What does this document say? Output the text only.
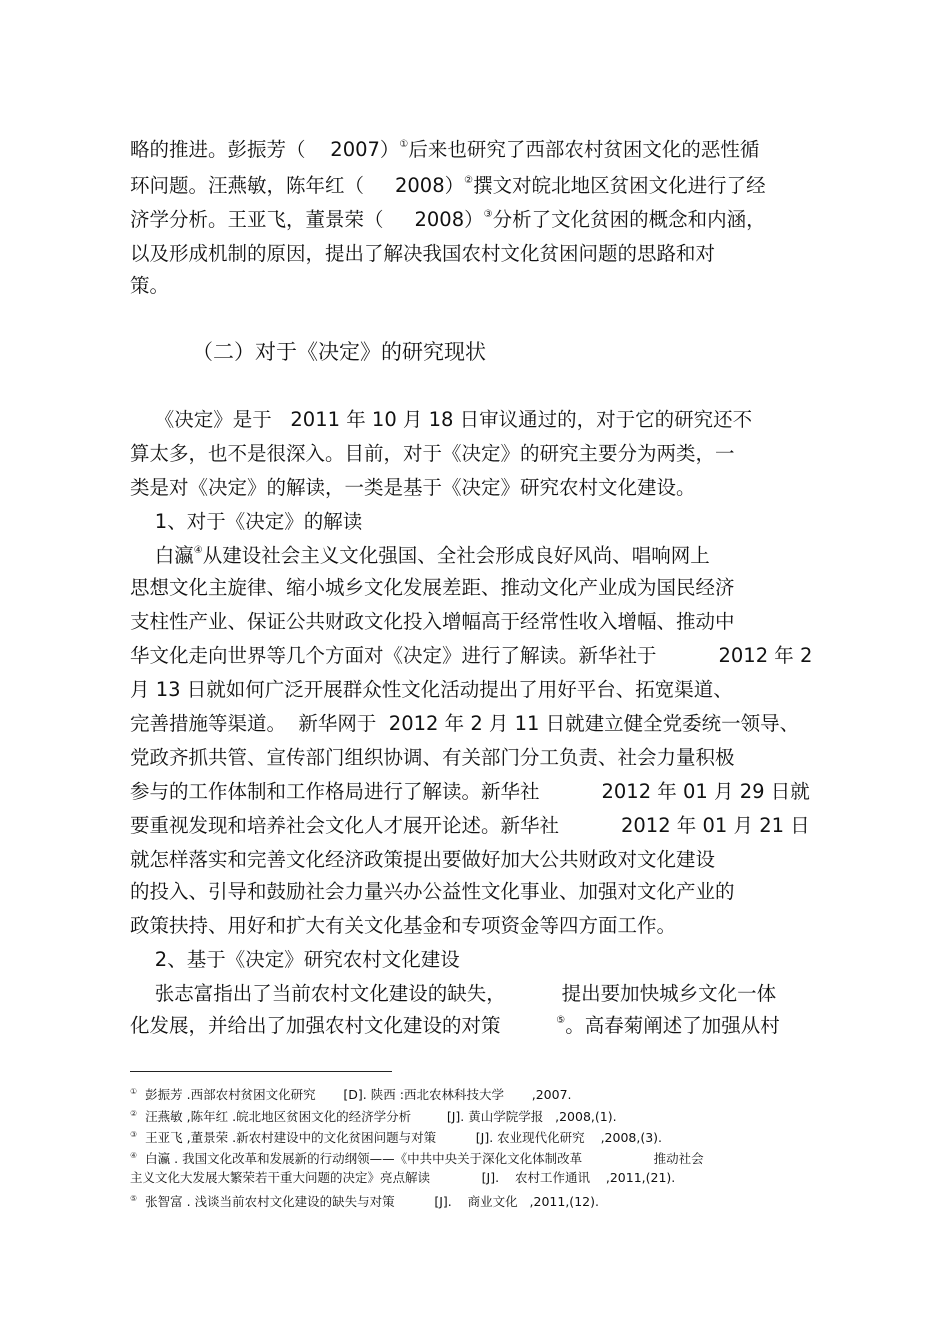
略的推进。彭振芳（    2007）①后来也研究了西部农村贫困文化的恶性循
环问题。汪燕敏，陈年红（     2008）②撰文对皖北地区贫困文化进行了经
济学分析。王亚飞，董景荣（     2008）③分析了文化贫困的概念和内涵，
以及形成机制的原因，提出了解决我国农村文化贫困问题的思路和对
策。
（二）对于《决定》的研究现状
《决定》是于   2011 年 10 月 18 日审议通过的，对于它的研究还不
算太多，也不是很深入。目前，对于《决定》的研究主要分为两类，一
类是对《决定》的解读，一类是基于《决定》研究农村文化建设。
1、对于《决定》的解读
白瀛④从建设社会主义文化强国、全社会形成良好风尚、唱响网上
思想文化主旋律、缩小城乡文化发展差距、推动文化产业成为国民经济
支柱性产业、保证公共财政文化投入增幅高于经常性收入增幅、推动中
华文化走向世界等几个方面对《决定》进行了解读。新华社于          2012 年 2
月 13 日就如何广泛开展群众性文化活动提出了用好平台、拓宽渠道、
完善措施等渠道。  新华网于  2012 年 2 月 11 日就建立健全党委统一领导、
党政齐抓共管、宣传部门组织协调、有关部门分工负责、社会力量积极
参与的工作体制和工作格局进行了解读。新华社          2012 年 01 月 29 日就
要重视发现和培养社会文化人才展开论述。新华社          2012 年 01 月 21 日
就怎样落实和完善文化经济政策提出要做好加大公共财政对文化建设
的投入、引导和鼓励社会力量兴办公益性文化事业、加强对文化产业的
政策扶持、用好和扩大有关文化基金和专项资金等四方面工作。
2、基于《决定》研究农村文化建设
张志富指出了当前农村文化建设的缺失，         提出要加快城乡文化一体
化发展，并给出了加强农村文化建设的对策         ⑤。高春菊阐述了加强从村
① 彭振芳 .西部农村贫困文化研究       [D]. 陕西 :西北农林科技大学       ,2007.
② 汪燕敏 ,陈年红 .皖北地区贫困文化的经济学分析         [J]. 黄山学院学报   ,2008,(1).
③ 王亚飞 ,董景荣 .新农村建设中的文化贫困问题与对策          [J]. 农业现代化研究    ,2008,(3).
④ 白瀛 . 我国文化改革和发展新的行动纲领——《中共中央关于深化文化体制改革                  推动社会
主义文化大发展大繁荣若干重大问题的决定》亮点解读             [J].    农村工作通讯    ,2011,(21).
⑤ 张智富 . 浅谈当前农村文化建设的缺失与对策          [J].    商业文化   ,2011,(12).
